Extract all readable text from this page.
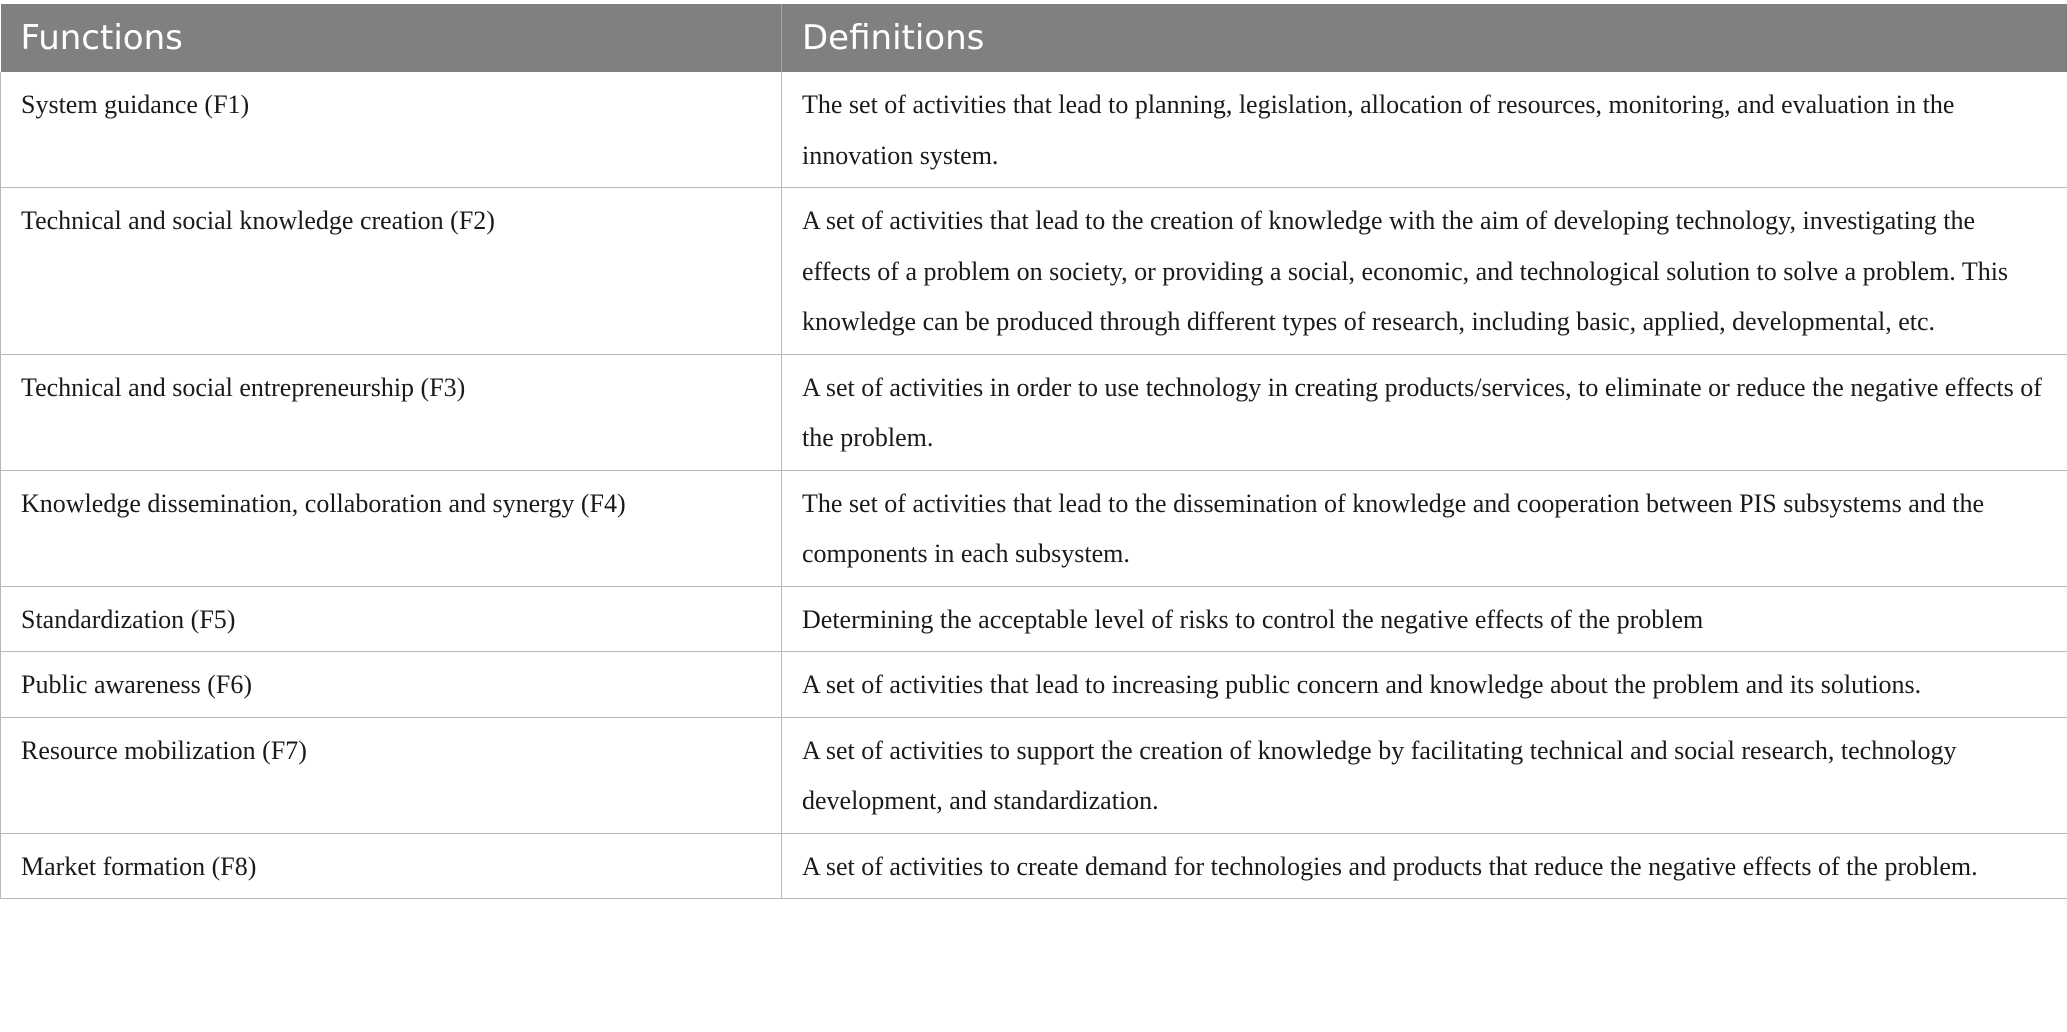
Functions	Definitions
System guidance (F1)	The set of activities that lead to planning, legislation, allocation of resources, monitoring, and evaluation in the innovation system.
Technical and social knowledge creation (F2)	A set of activities that lead to the creation of knowledge with the aim of developing technology, investigating the effects of a problem on society, or providing a social, economic, and technological solution to solve a problem. This knowledge can be produced through different types of research, including basic, applied, developmental, etc.
Technical and social entrepreneurship (F3)	A set of activities in order to use technology in creating products/services, to eliminate or reduce the negative effects of the problem.
Knowledge dissemination, collaboration and synergy (F4)	The set of activities that lead to the dissemination of knowledge and cooperation between PIS subsystems and the components in each subsystem.
Standardization (F5)	Determining the acceptable level of risks to control the negative effects of the problem
Public awareness (F6)	A set of activities that lead to increasing public concern and knowledge about the problem and its solutions.
Resource mobilization (F7)	A set of activities to support the creation of knowledge by facilitating technical and social research, technology development, and standardization.
Market formation (F8)	A set of activities to create demand for technologies and products that reduce the negative effects of the problem.
